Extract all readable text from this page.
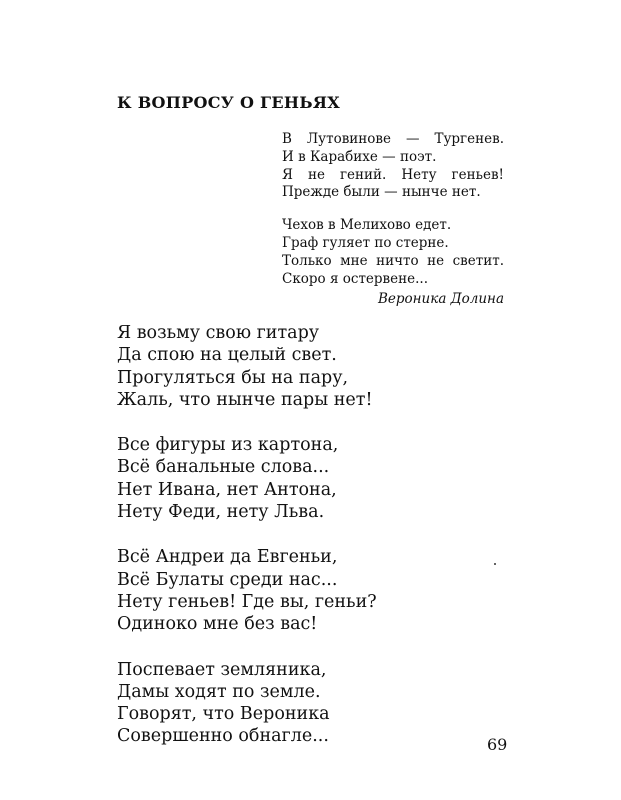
К ВОПРОСУ О ГЕНЬЯХ
В Лутовинове — Тургенев.
И в Карабихе — поэт.
Я не гений. Нету геньев!
Прежде были — нынче нет.
Чехов в Мелихово едет.
Граф гуляет по стерне.
Только мне ничто не светит.
Скоро я остервене...
Вероника Долина
Я возьму свою гитару
Да спою на целый свет.
Прогуляться бы на пару,
Жаль, что нынче пары нет!
Все фигуры из картона,
Всё банальные слова...
Нет Ивана, нет Антона,
Нету Феди, нету Льва.
Всё Андреи да Евгеньи,
Всё Булаты среди нас...
Нету геньев! Где вы, геньи?
Одиноко мне без вас!
Поспевает земляника,
Дамы ходят по земле.
Говорят, что Вероника
Совершенно обнагле...	69
